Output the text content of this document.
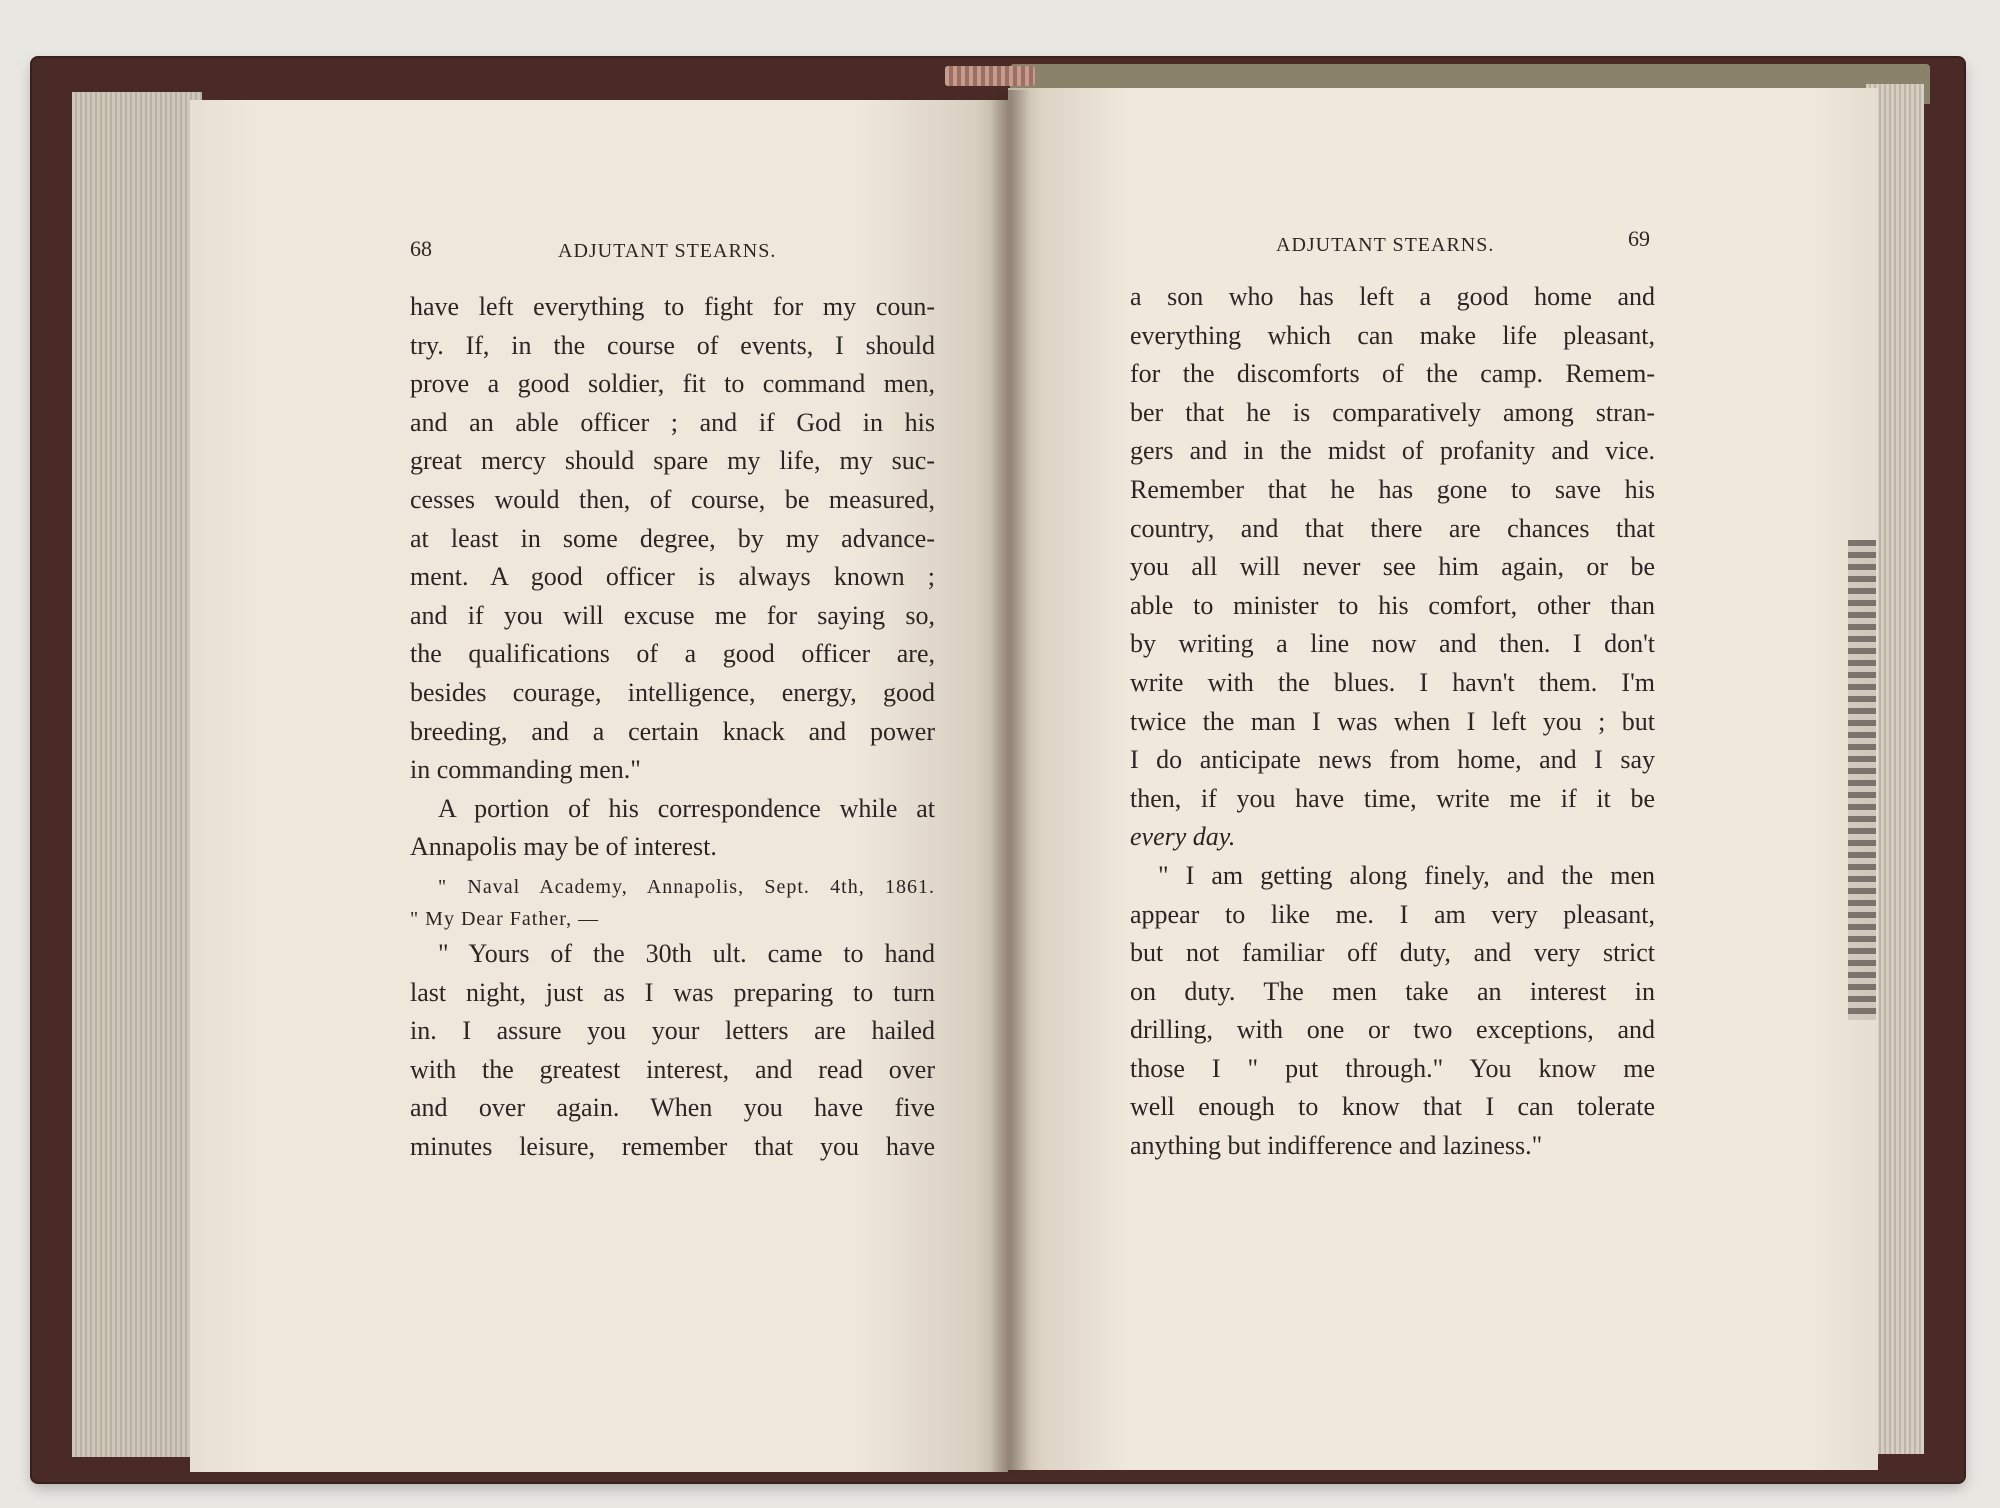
68	ADJUTANT STEARNS.
have left everything to fight for my coun-
try. If, in the course of events, I should
prove a good soldier, fit to command men,
and an able officer ; and if God in his
great mercy should spare my life, my suc-
cesses would then, of course, be measured,
at least in some degree, by my advance-
ment. A good officer is always known ;
and if you will excuse me for saying so,
the qualifications of a good officer are,
besides courage, intelligence, energy, good
breeding, and a certain knack and power
in commanding men."
A portion of his correspondence while at
Annapolis may be of interest.
" Naval Academy, Annapolis, Sept. 4th, 1861.
" My Dear Father, —
" Yours of the 30th ult. came to hand
last night, just as I was preparing to turn
in. I assure you your letters are hailed
with the greatest interest, and read over
and over again. When you have five
minutes leisure, remember that you have
ADJUTANT STEARNS.	69
a son who has left a good home and
everything which can make life pleasant,
for the discomforts of the camp. Remem-
ber that he is comparatively among stran-
gers and in the midst of profanity and vice.
Remember that he has gone to save his
country, and that there are chances that
you all will never see him again, or be
able to minister to his comfort, other than
by writing a line now and then. I don't
write with the blues. I havn't them. I'm
twice the man I was when I left you ; but
I do anticipate news from home, and I say
then, if you have time, write me if it be
every day.
" I am getting along finely, and the men
appear to like me. I am very pleasant,
but not familiar off duty, and very strict
on duty. The men take an interest in
drilling, with one or two exceptions, and
those I " put through." You know me
well enough to know that I can tolerate
anything but indifference and laziness."
